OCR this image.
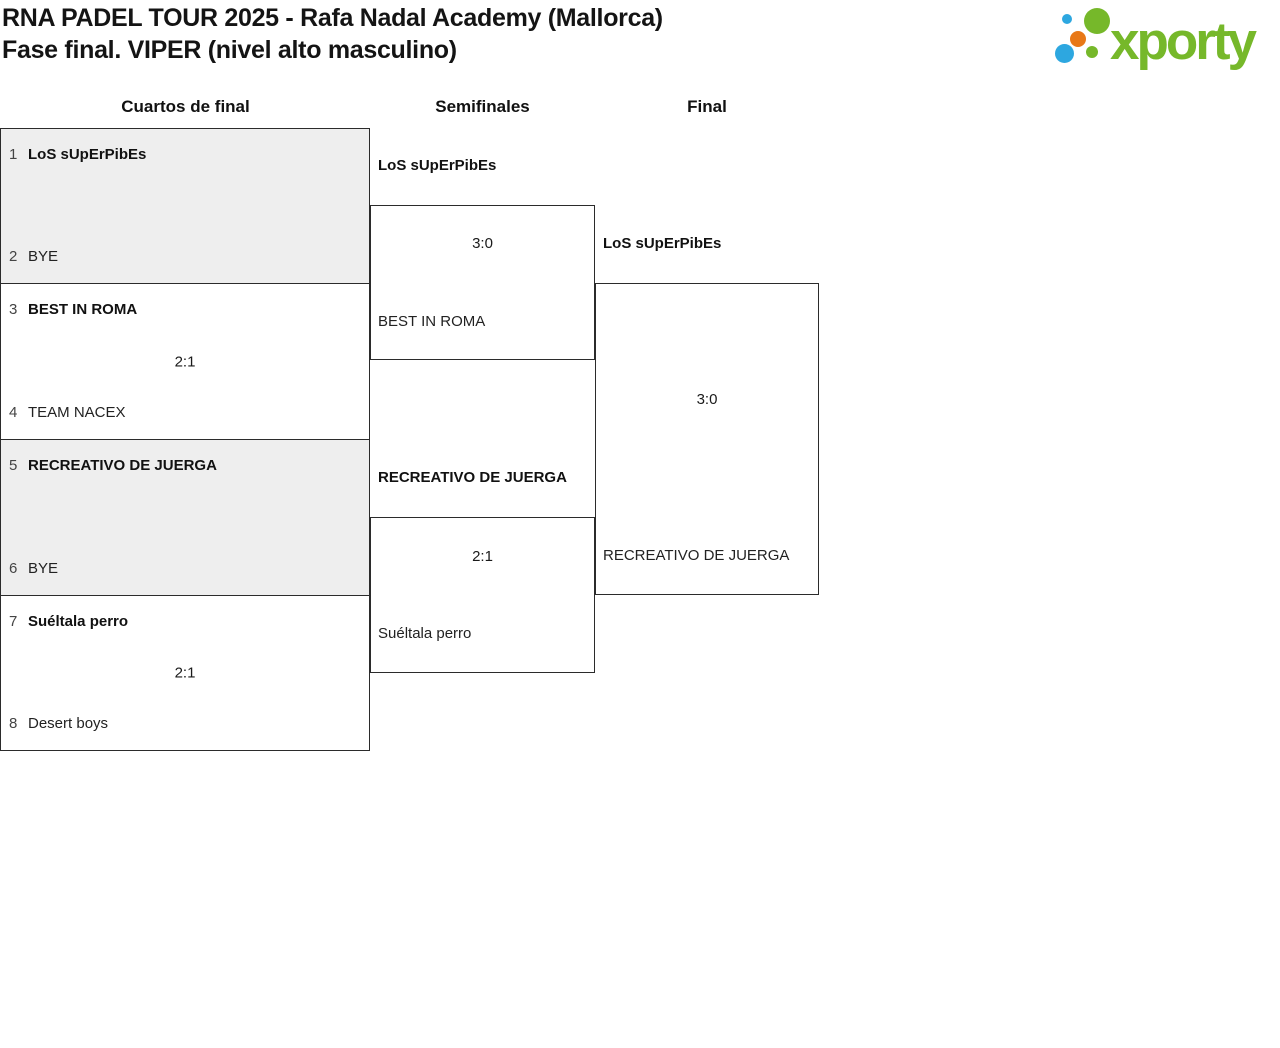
RNA PADEL TOUR 2025 - Rafa Nadal Academy (Mallorca)
Fase final. VIPER (nivel alto masculino)	xporty
Cuartos de final	Semifinales	Final
1 LoS sUpErPibEs
2 BYE
3 BEST IN ROMA
2:1
4 TEAM NACEX
5 RECREATIVO DE JUERGA
6 BYE
7 Suéltala perro
2:1
8 Desert boys
LoS sUpErPibEs
3:0
BEST IN ROMA
RECREATIVO DE JUERGA
2:1
Suéltala perro
LoS sUpErPibEs
3:0
RECREATIVO DE JUERGA
